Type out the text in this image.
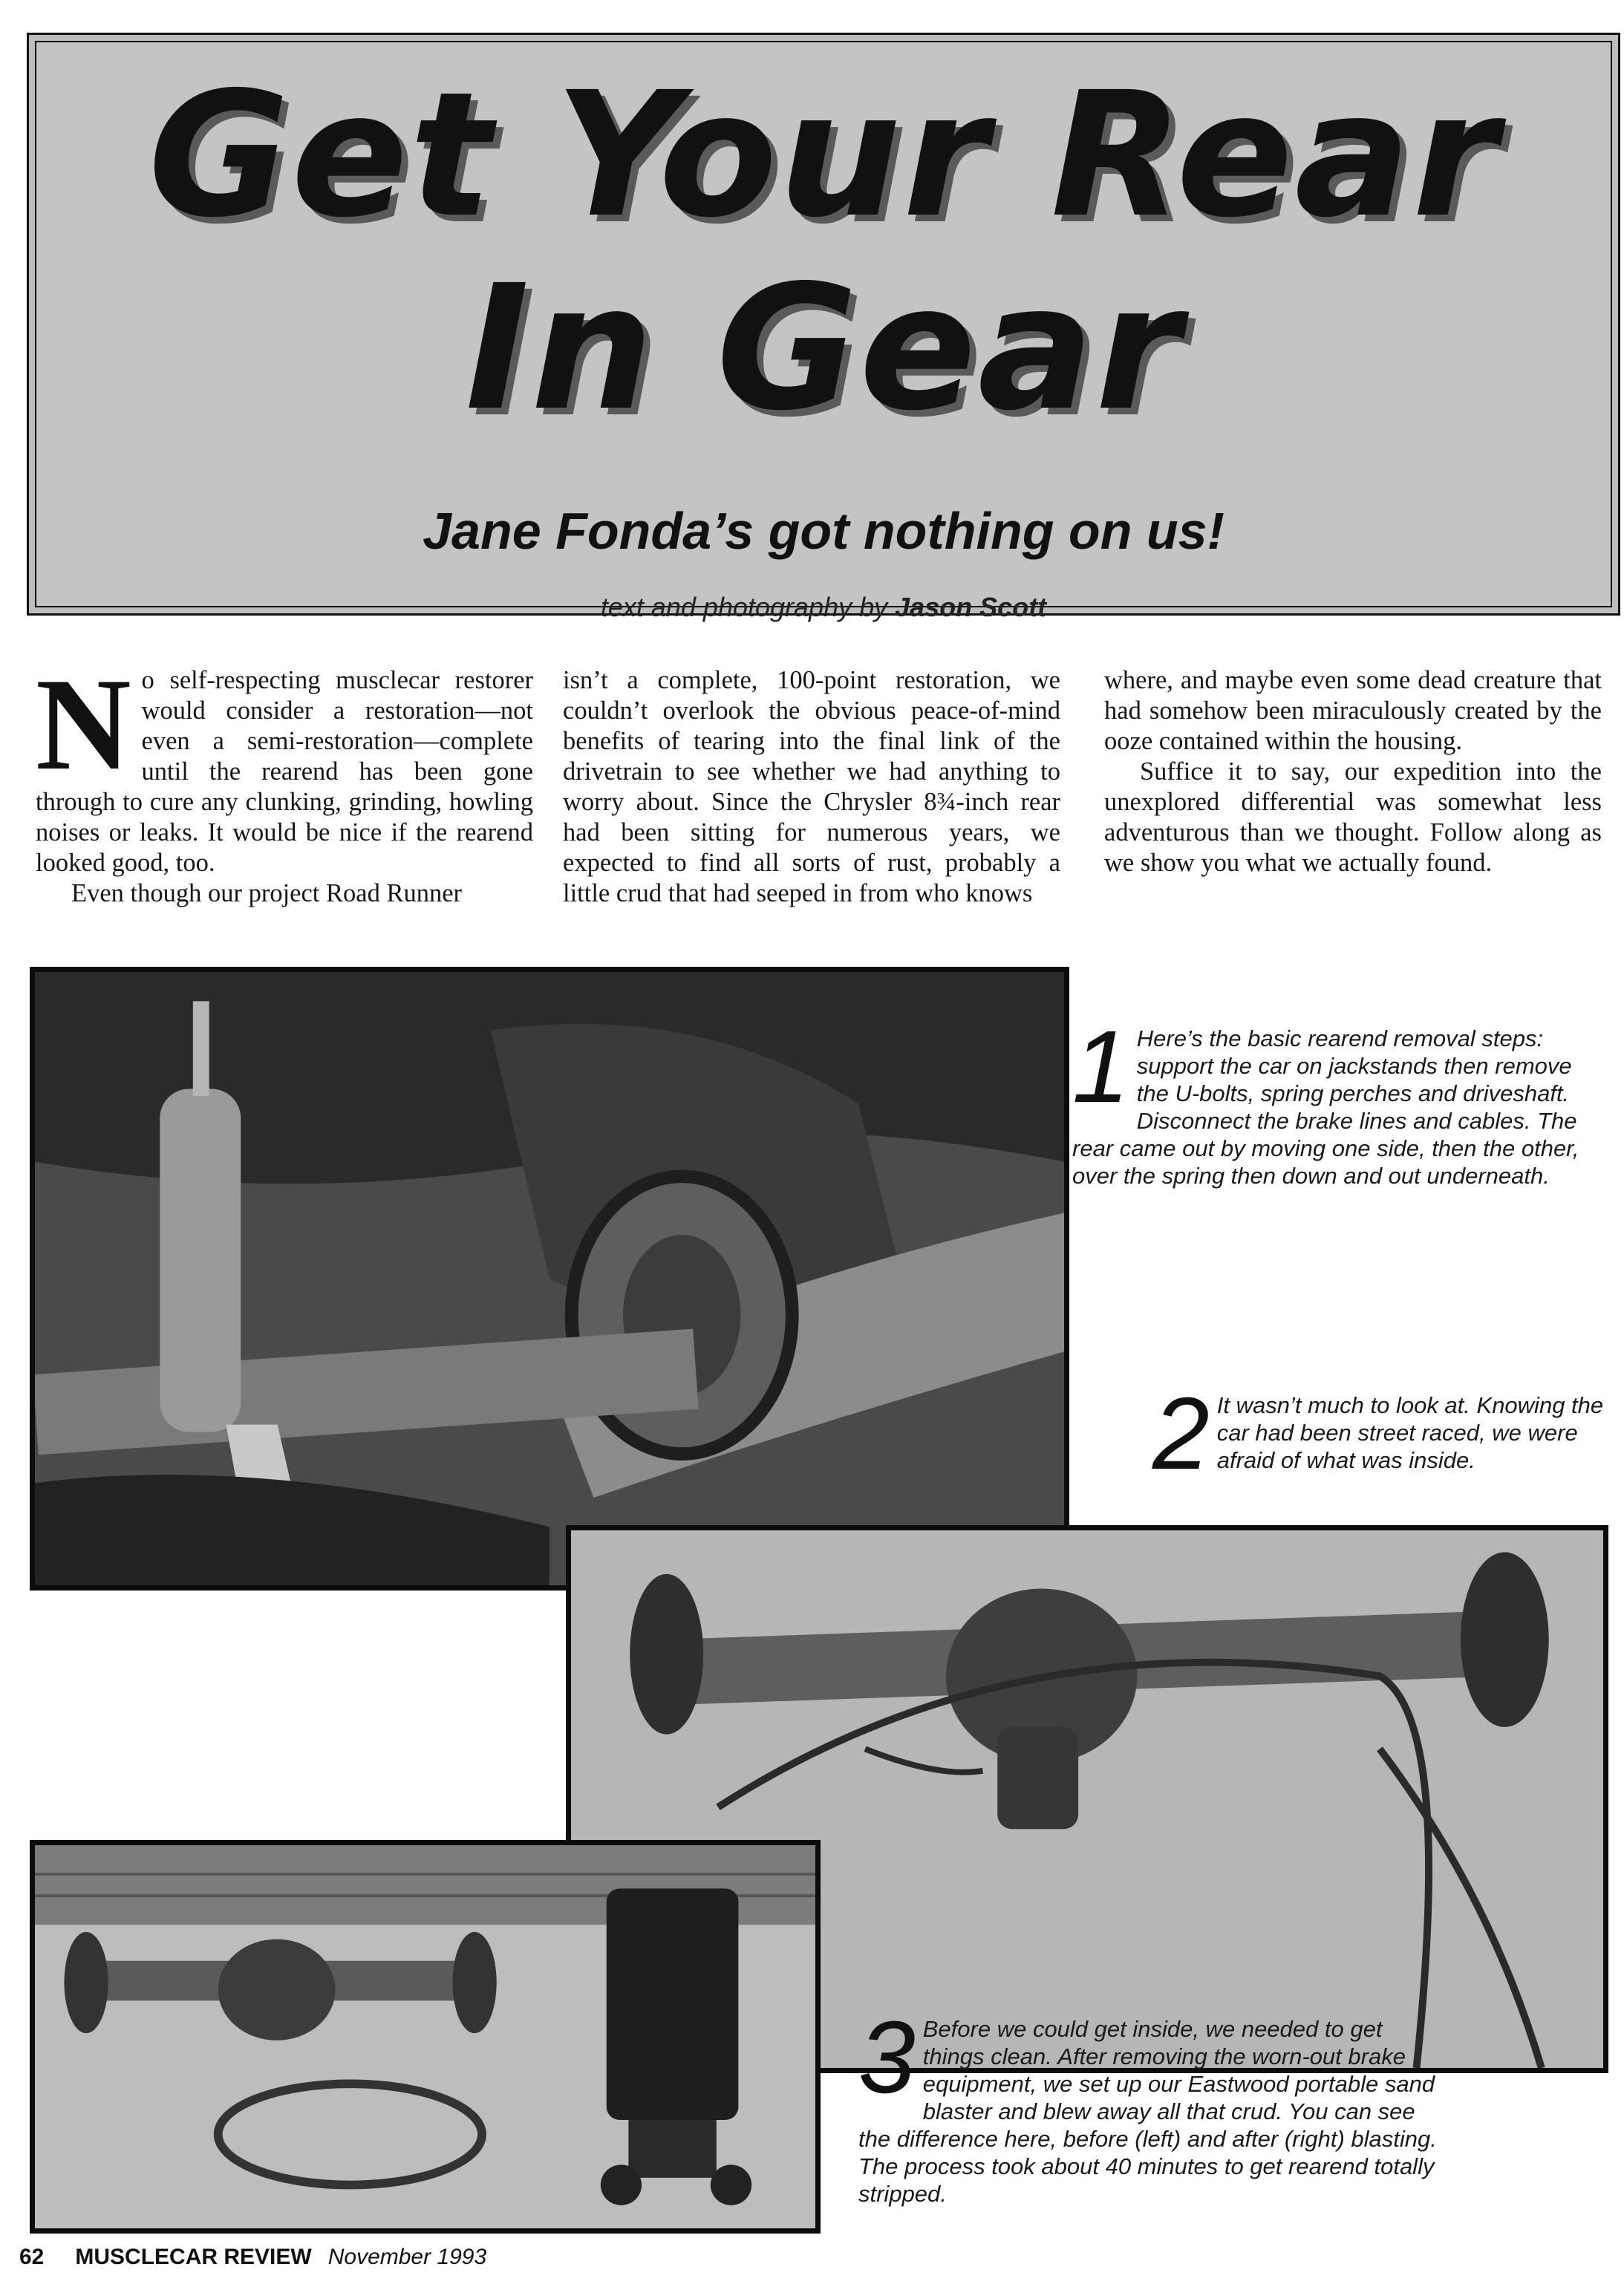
Get Your Rear
In Gear
Jane Fonda’s got nothing on us!
text and photography by Jason Scott

No self-respecting musclecar restorer would consider a restoration—not even a semi-restoration—complete until the rearend has been gone through to cure any clunking, grinding, howling noises or leaks. It would be nice if the rearend looked good, too.

Even though our project Road Runner

isn’t a complete, 100-point restoration, we couldn’t overlook the obvious peace-of-mind benefits of tearing into the final link of the drivetrain to see whether we had anything to worry about. Since the Chrysler 8¾-inch rear had been sitting for numerous years, we expected to find all sorts of rust, probably a little crud that had seeped in from who knows

where, and maybe even some dead creature that had somehow been miraculously created by the ooze contained within the housing.

Suffice it to say, our expedition into the unexplored differential was somewhat less adventurous than we thought. Follow along as we show you what we actually found.

1 Here’s the basic rearend removal steps: support the car on jackstands then remove the U-bolts, spring perches and driveshaft. Disconnect the brake lines and cables. The rear came out by moving one side, then the other, over the spring then down and out underneath.
2 It wasn’t much to look at. Knowing the car had been street raced, we were afraid of what was inside.
3 Before we could get inside, we needed to get things clean. After removing the worn-out brake equipment, we set up our Eastwood portable sand blaster and blew away all that crud. You can see the difference here, before (left) and after (right) blasting. The process took about 40 minutes to get rearend totally stripped.
62 MUSCLECAR REVIEW November 1993
